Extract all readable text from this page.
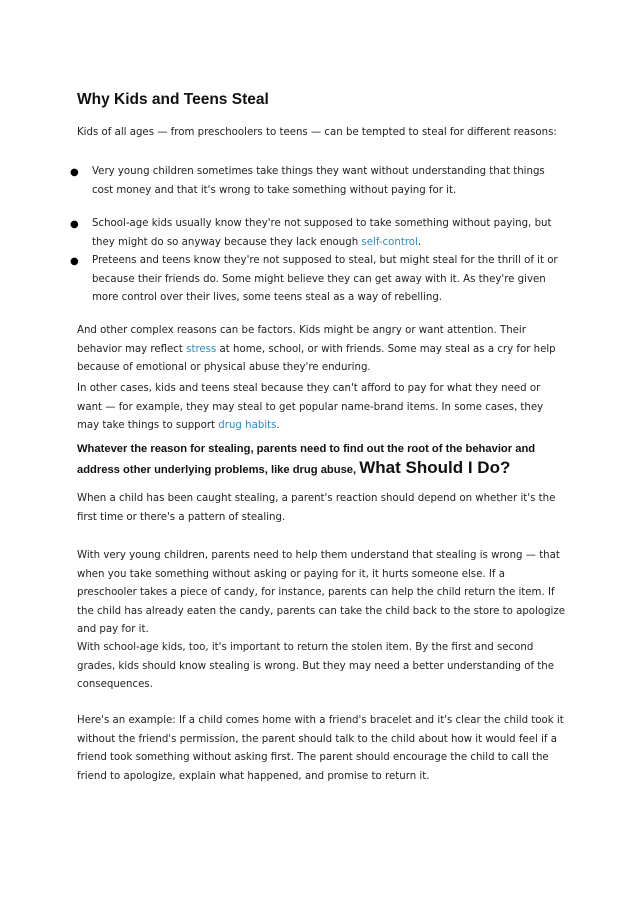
Why Kids and Teens Steal

Kids of all ages — from preschoolers to teens — can be tempted to steal for different reasons:

● Very young children sometimes take things they want without understanding that things cost money and that it's wrong to take something without paying for it.
● School-age kids usually know they're not supposed to take something without paying, but they might do so anyway because they lack enough self-control.
● Preteens and teens know they're not supposed to steal, but might steal for the thrill of it or because their friends do. Some might believe they can get away with it. As they're given more control over their lives, some teens steal as a way of rebelling.

And other complex reasons can be factors. Kids might be angry or want attention. Their behavior may reflect stress at home, school, or with friends. Some may steal as a cry for help because of emotional or physical abuse they're enduring.

In other cases, kids and teens steal because they can't afford to pay for what they need or want — for example, they may steal to get popular name-brand items. In some cases, they may take things to support drug habits.

Whatever the reason for stealing, parents need to find out the root of the behavior and address other underlying problems, like drug abuse, What Should I Do?

When a child has been caught stealing, a parent's reaction should depend on whether it's the first time or there's a pattern of stealing.

With very young children, parents need to help them understand that stealing is wrong — that when you take something without asking or paying for it, it hurts someone else. If a preschooler takes a piece of candy, for instance, parents can help the child return the item. If the child has already eaten the candy, parents can take the child back to the store to apologize and pay for it.

With school-age kids, too, it's important to return the stolen item. By the first and second grades, kids should know stealing is wrong. But they may need a better understanding of the consequences.

Here's an example: If a child comes home with a friend's bracelet and it's clear the child took it without the friend's permission, the parent should talk to the child about how it would feel if a friend took something without asking first. The parent should encourage the child to call the friend to apologize, explain what happened, and promise to return it.
